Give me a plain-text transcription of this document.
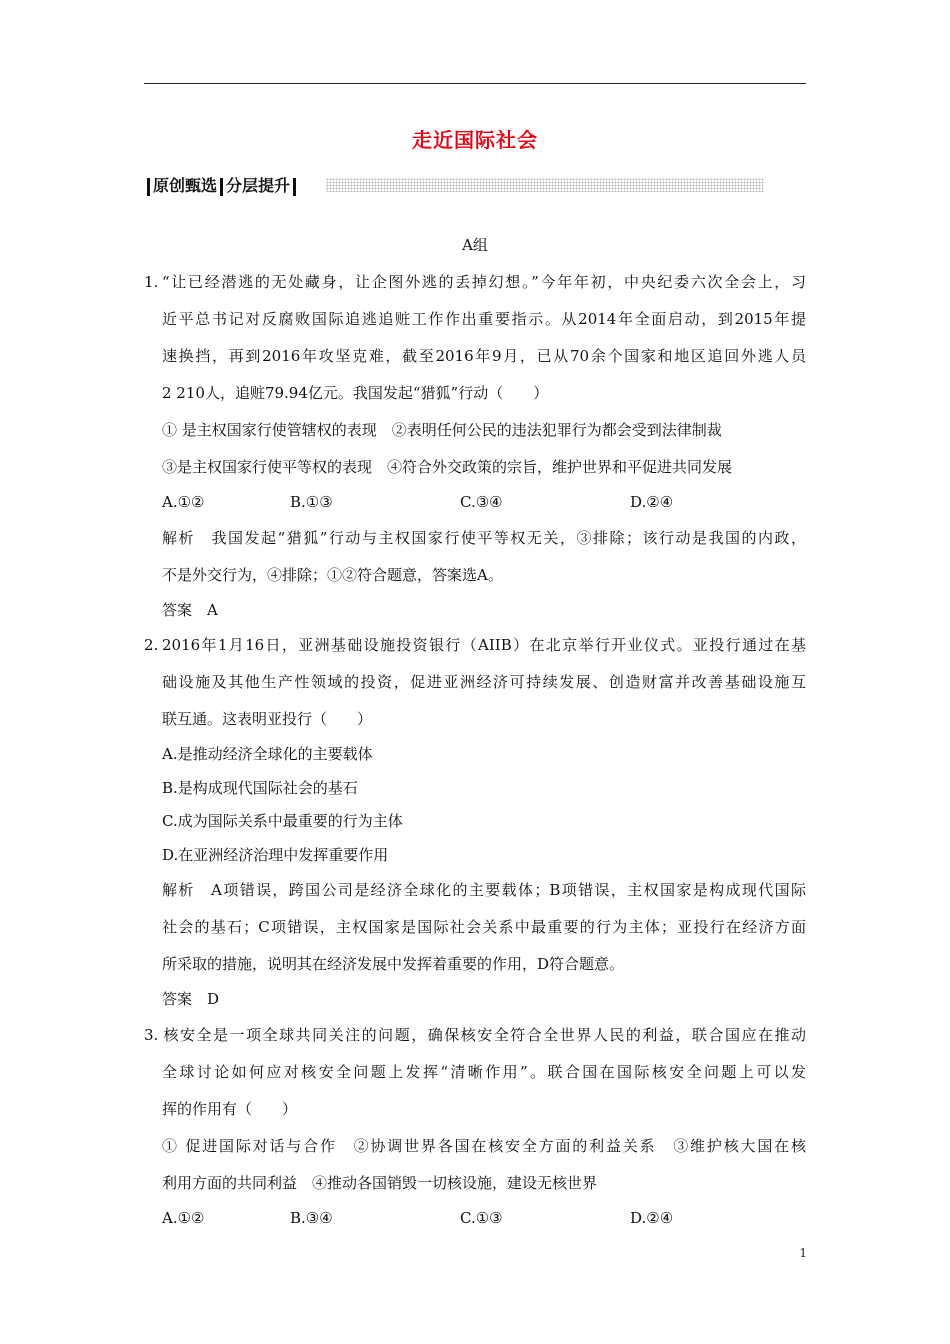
走近国际社会
原创甄选 分层提升
A组
1. “让已经潜逃的无处藏身，让企图外逃的丢掉幻想。”今年年初，中央纪委六次全会上，习
近平总书记对反腐败国际追逃追赃工作作出重要指示。从2014年全面启动，到2015年提
速换挡，再到2016年攻坚克难，截至2016年9月，已从70余个国家和地区追回外逃人员
2 210人，追赃79.94亿元。我国发起“猎狐”行动（　　）
① 是主权国家行使管辖权的表现　②表明任何公民的违法犯罪行为都会受到法律制裁
③是主权国家行使平等权的表现　④符合外交政策的宗旨，维护世界和平促进共同发展
A.①②	B.①③	C.③④	D.②④
解析　我国发起“猎狐”行动与主权国家行使平等权无关，③排除；该行动是我国的内政，
不是外交行为，④排除；①②符合题意，答案选A。
答案　A
2. 2016年1月16日，亚洲基础设施投资银行（AIIB）在北京举行开业仪式。亚投行通过在基
础设施及其他生产性领域的投资，促进亚洲经济可持续发展、创造财富并改善基础设施互
联互通。这表明亚投行（　　）
A.是推动经济全球化的主要载体
B.是构成现代国际社会的基石
C.成为国际关系中最重要的行为主体
D.在亚洲经济治理中发挥重要作用
解析　A项错误，跨国公司是经济全球化的主要载体；B项错误，主权国家是构成现代国际
社会的基石；C项错误，主权国家是国际社会关系中最重要的行为主体；亚投行在经济方面
所采取的措施，说明其在经济发展中发挥着重要的作用，D符合题意。
答案　D
3. 核安全是一项全球共同关注的问题，确保核安全符合全世界人民的利益，联合国应在推动
全球讨论如何应对核安全问题上发挥“清晰作用”。联合国在国际核安全问题上可以发
挥的作用有（　　）
① 促进国际对话与合作　②协调世界各国在核安全方面的利益关系　③维护核大国在核
利用方面的共同利益　④推动各国销毁一切核设施，建设无核世界
A.①②	B.③④	C.①③	D.②④
1
